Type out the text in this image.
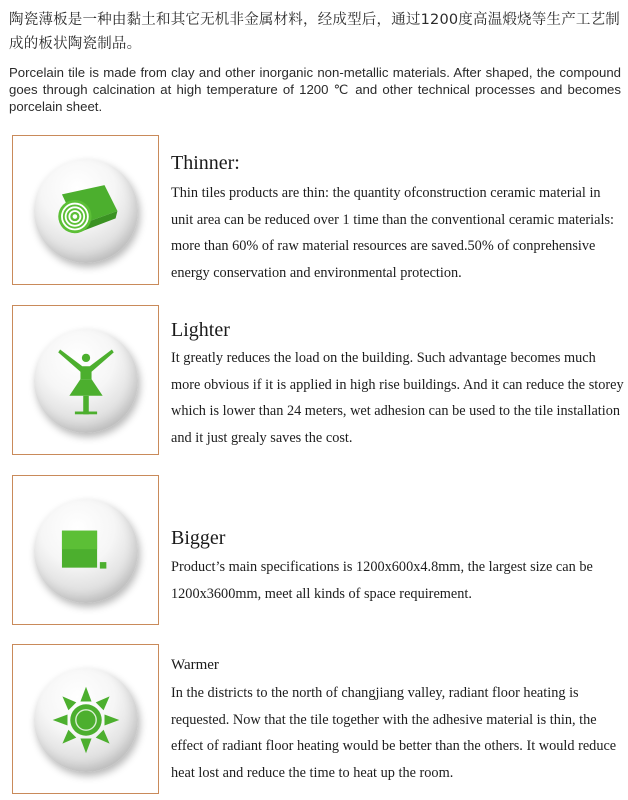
陶瓷薄板是一种由黏土和其它无机非金属材料，经成型后，通过1200度高温煅烧等生产工艺制成的板状陶瓷制品。
Porcelain tile is made from clay and other inorganic non-metallic materials. After shaped, the compound goes through calcination at high temperature of 1200 ℃ and other technical processes and becomes porcelain sheet.
Thinner:
Thin tiles products are thin: the quantity ofconstruction ceramic material in unit area can be reduced over 1 time than the conventional ceramic materials: more than 60% of raw material resources are saved.50% of conprehensive energy conservation and environmental protection.
Lighter
It greatly reduces the load on the building. Such advantage becomes much more obvious if it is applied in high rise buildings. And it can reduce the storey which is lower than 24 meters, wet adhesion can be used to the tile installation and it just grealy saves the cost.
Bigger
Product’s main specifications is 1200x600x4.8mm, the largest size can be 1200x3600mm, meet all kinds of space requirement.
Warmer
In the districts to the north of changjiang valley, radiant floor heating is requested. Now that the tile together with the adhesive material is thin, the effect of radiant floor heating would be better than the others. It would reduce heat lost and reduce the time to heat up the room.
